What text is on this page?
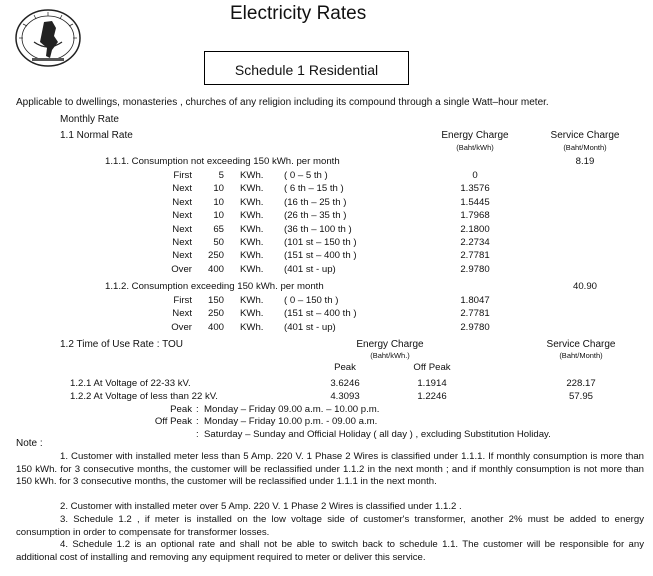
Electricity Rates
Schedule 1 Residential
Applicable to dwellings, monasteries , churches of any religion including its compound through a single Watt–hour meter.
Monthly Rate
1.1 Normal Rate	Energy Charge
(Baht/kWh)
Service Charge
(Baht/Month)
1.1.1. Consumption not exceeding 150 kWh. per month	8.19
First	5 KWh.	( 0 – 5 th )	0
Next	10 KWh.	( 6 th – 15 th )	1.3576
Next	10 KWh.	(16 th – 25 th )	1.5445
Next	10 KWh.	(26 th – 35 th )	1.7968
Next	65 KWh.	(36 th – 100 th )	2.1800
Next	50 KWh.	(101 st – 150 th )	2.2734
Next	250 KWh.	(151 st – 400 th )	2.7781
Over	400 KWh.	(401 st - up)	2.9780
1.1.2. Consumption exceeding 150 kWh. per month	40.90
First	150 KWh.	( 0 – 150 th )	1.8047
Next	250 KWh.	(151 st – 400 th )	2.7781
Over	400 KWh.	(401 st - up)	2.9780
1.2 Time of Use Rate : TOU	Energy Charge
(Baht/kWh.)
Service Charge
(Baht/Month)
Peak	Off Peak
1.2.1 At Voltage of 22-33 kV.	3.6246	1.1914	228.17
1.2.2 At Voltage of less than 22 kV.	4.3093	1.2246	57.95
Peak : Monday – Friday 09.00 a.m. – 10.00 p.m.
Off Peak : Monday – Friday 10.00 p.m. - 09.00 a.m.
: Saturday – Sunday and Official Holiday ( all day ) , excluding Substitution Holiday.
Note :
1. Customer with installed meter less than 5 Amp. 220 V. 1 Phase 2 Wires is classified under 1.1.1. If monthly consumption is more than 150 kWh. for 3 consecutive months, the customer will be reclassified under 1.1.2 in the next month ; and if monthly consumption is not more than 150 kWh. for 3 consecutive months, the customer will be reclassified under 1.1.1 in the next month.
2. Customer with installed meter over 5 Amp. 220 V. 1 Phase 2 Wires is classified under 1.1.2 .
3. Schedule 1.2 , if meter is installed on the low voltage side of customer's transformer, another 2% must be added to energy consumption in order to compensate for transformer losses.
4. Schedule 1.2 is an optional rate and shall not be able to switch back to schedule 1.1. The customer will be responsible for any additional cost of installing and removing any equipment required to meter or deliver this service.
